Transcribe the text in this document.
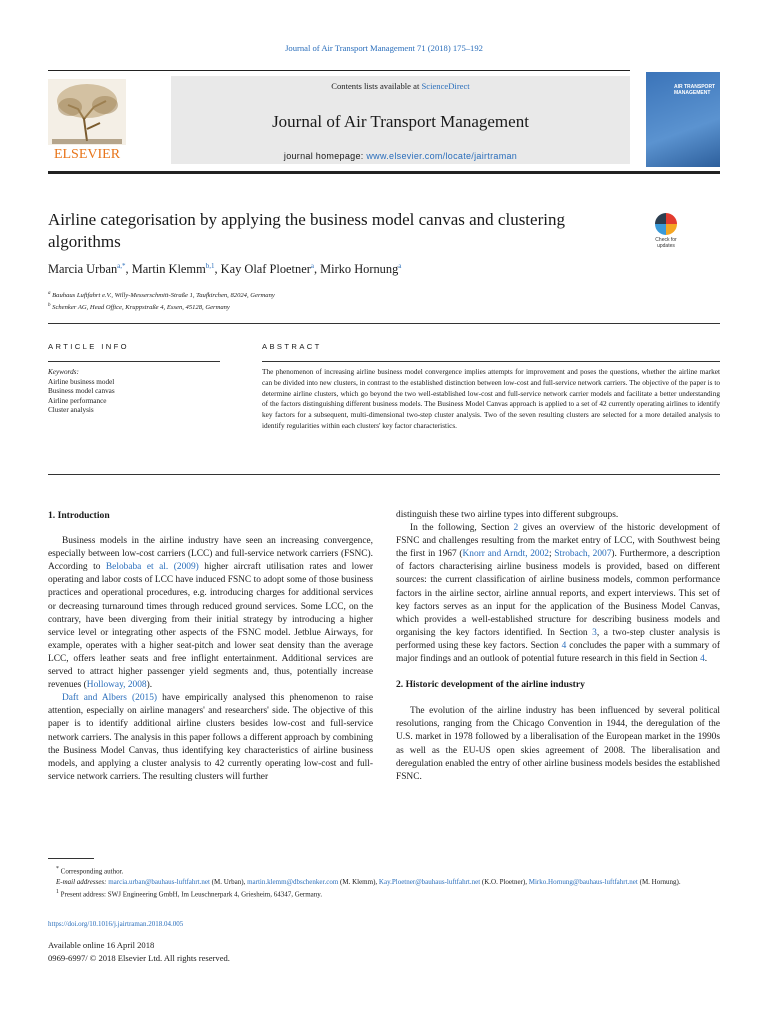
Journal of Air Transport Management 71 (2018) 175–192
ELSEVIER
Contents lists available at ScienceDirect
Journal of Air Transport Management
journal homepage: www.elsevier.com/locate/jairtraman
AIR TRANSPORT MANAGEMENT
Airline categorisation by applying the business model canvas and clustering algorithms	Check for updates
Marcia Urban$^{a,*}$, Martin Klemm$^{b,1}$, Kay Olaf Ploetner$^a$, Mirko Hornung$^a$
$^a$ Bauhaus Luftfahrt e.V., Willy-Messerschmitt-Straße 1, Taufkirchen, 82024, Germany
$^b$ Schenker AG, Head Office, Kruppstraße 4, Essen, 45128, Germany
ARTICLE INFO	ABSTRACT
Keywords:
Airline business model
Business model canvas
Airline performance
Cluster analysis
The phenomenon of increasing airline business model convergence implies attempts for improvement and poses the questions, whether the airline market can be divided into new clusters, in contrast to the established distinction between low-cost and full-service network carriers. The objective of the paper is to determine airline clusters, which go beyond the two well-established low-cost and full-service network carrier models and facilitate a better understanding of the factors distinguishing different business models. The Business Model Canvas approach is applied to a set of 42 currently operating airlines to identify key factors for a subsequent, multi-dimensional two-step cluster analysis. Two of the seven resulting clusters are selected for a more detailed analysis to identify regularities within each clusters' key factor characteristics.
1. Introduction

Business models in the airline industry have seen an increasing convergence, especially between low-cost carriers (LCC) and full-service network carriers (FSNC). According to Belobaba et al. (2009) higher aircraft utilisation rates and lower operating and labor costs of LCC have induced FSNC to adopt some of those business practices and operational procedures, e.g. introducing charges for additional services or decreasing turnaround times through reduced ground services. Some LCC, on the contrary, have been diverging from their initial strategy by introducing a higher service level or integrating other aspects of the FSNC model. Jetblue Airways, for example, operates with a higher seat-pitch and lower seat density than the average LCC, offers leather seats and free inflight entertainment. Additional services are served to attract higher passenger yield segments and, thus, potentially increase revenues (Holloway, 2008).

Daft and Albers (2015) have empirically analysed this phenomenon to raise attention, especially on airline managers' and researchers' side. The objective of this paper is to identify additional airline clusters besides low-cost and full-service network carriers. The analysis in this paper follows a different approach by combining the Business Model Canvas, thus identifying key characteristics of airline business models, and applying a cluster analysis to 42 currently operating low-cost and full-service network carriers. The resulting clusters will further

distinguish these two airline types into different subgroups.

In the following, Section 2 gives an overview of the historic development of FSNC and challenges resulting from the market entry of LCC, with Southwest being the first in 1967 (Knorr and Arndt, 2002; Strobach, 2007). Furthermore, a description of factors characterising airline business models is provided, based on different sources: the current classification of airline business models, common performance factors in the airline sector, airline annual reports, and expert interviews. This set of key factors serves as an input for the application of the Business Model Canvas, which provides a well-established structure for describing business models and organising the key factors identified. In Section 3, a two-step cluster analysis is performed using these key factors. Section 4 concludes the paper with a summary of major findings and an outlook of potential future research in this field in Section 4.

2. Historic development of the airline industry

The evolution of the airline industry has been influenced by several political resolutions, ranging from the Chicago Convention in 1944, the deregulation of the U.S. market in 1978 followed by a liberalisation of the European market in the 1990s as well as the EU-US open skies agreement of 2008. The liberalisation and deregulation enabled the entry of other airline business models besides the established FSNC.

* Corresponding author.
E-mail addresses: marcia.urban@bauhaus-luftfahrt.net (M. Urban), martin.klemm@dbschenker.com (M. Klemm), Kay.Ploetner@bauhaus-luftfahrt.net (K.O. Ploetner), Mirko.Hornung@bauhaus-luftfahrt.net (M. Hornung).
$^1$ Present address: SWJ Engineering GmbH, Im Leuschnerpark 4, Griesheim, 64347, Germany.
https://doi.org/10.1016/j.jairtraman.2018.04.005
Available online 16 April 2018
0969-6997/ © 2018 Elsevier Ltd. All rights reserved.
